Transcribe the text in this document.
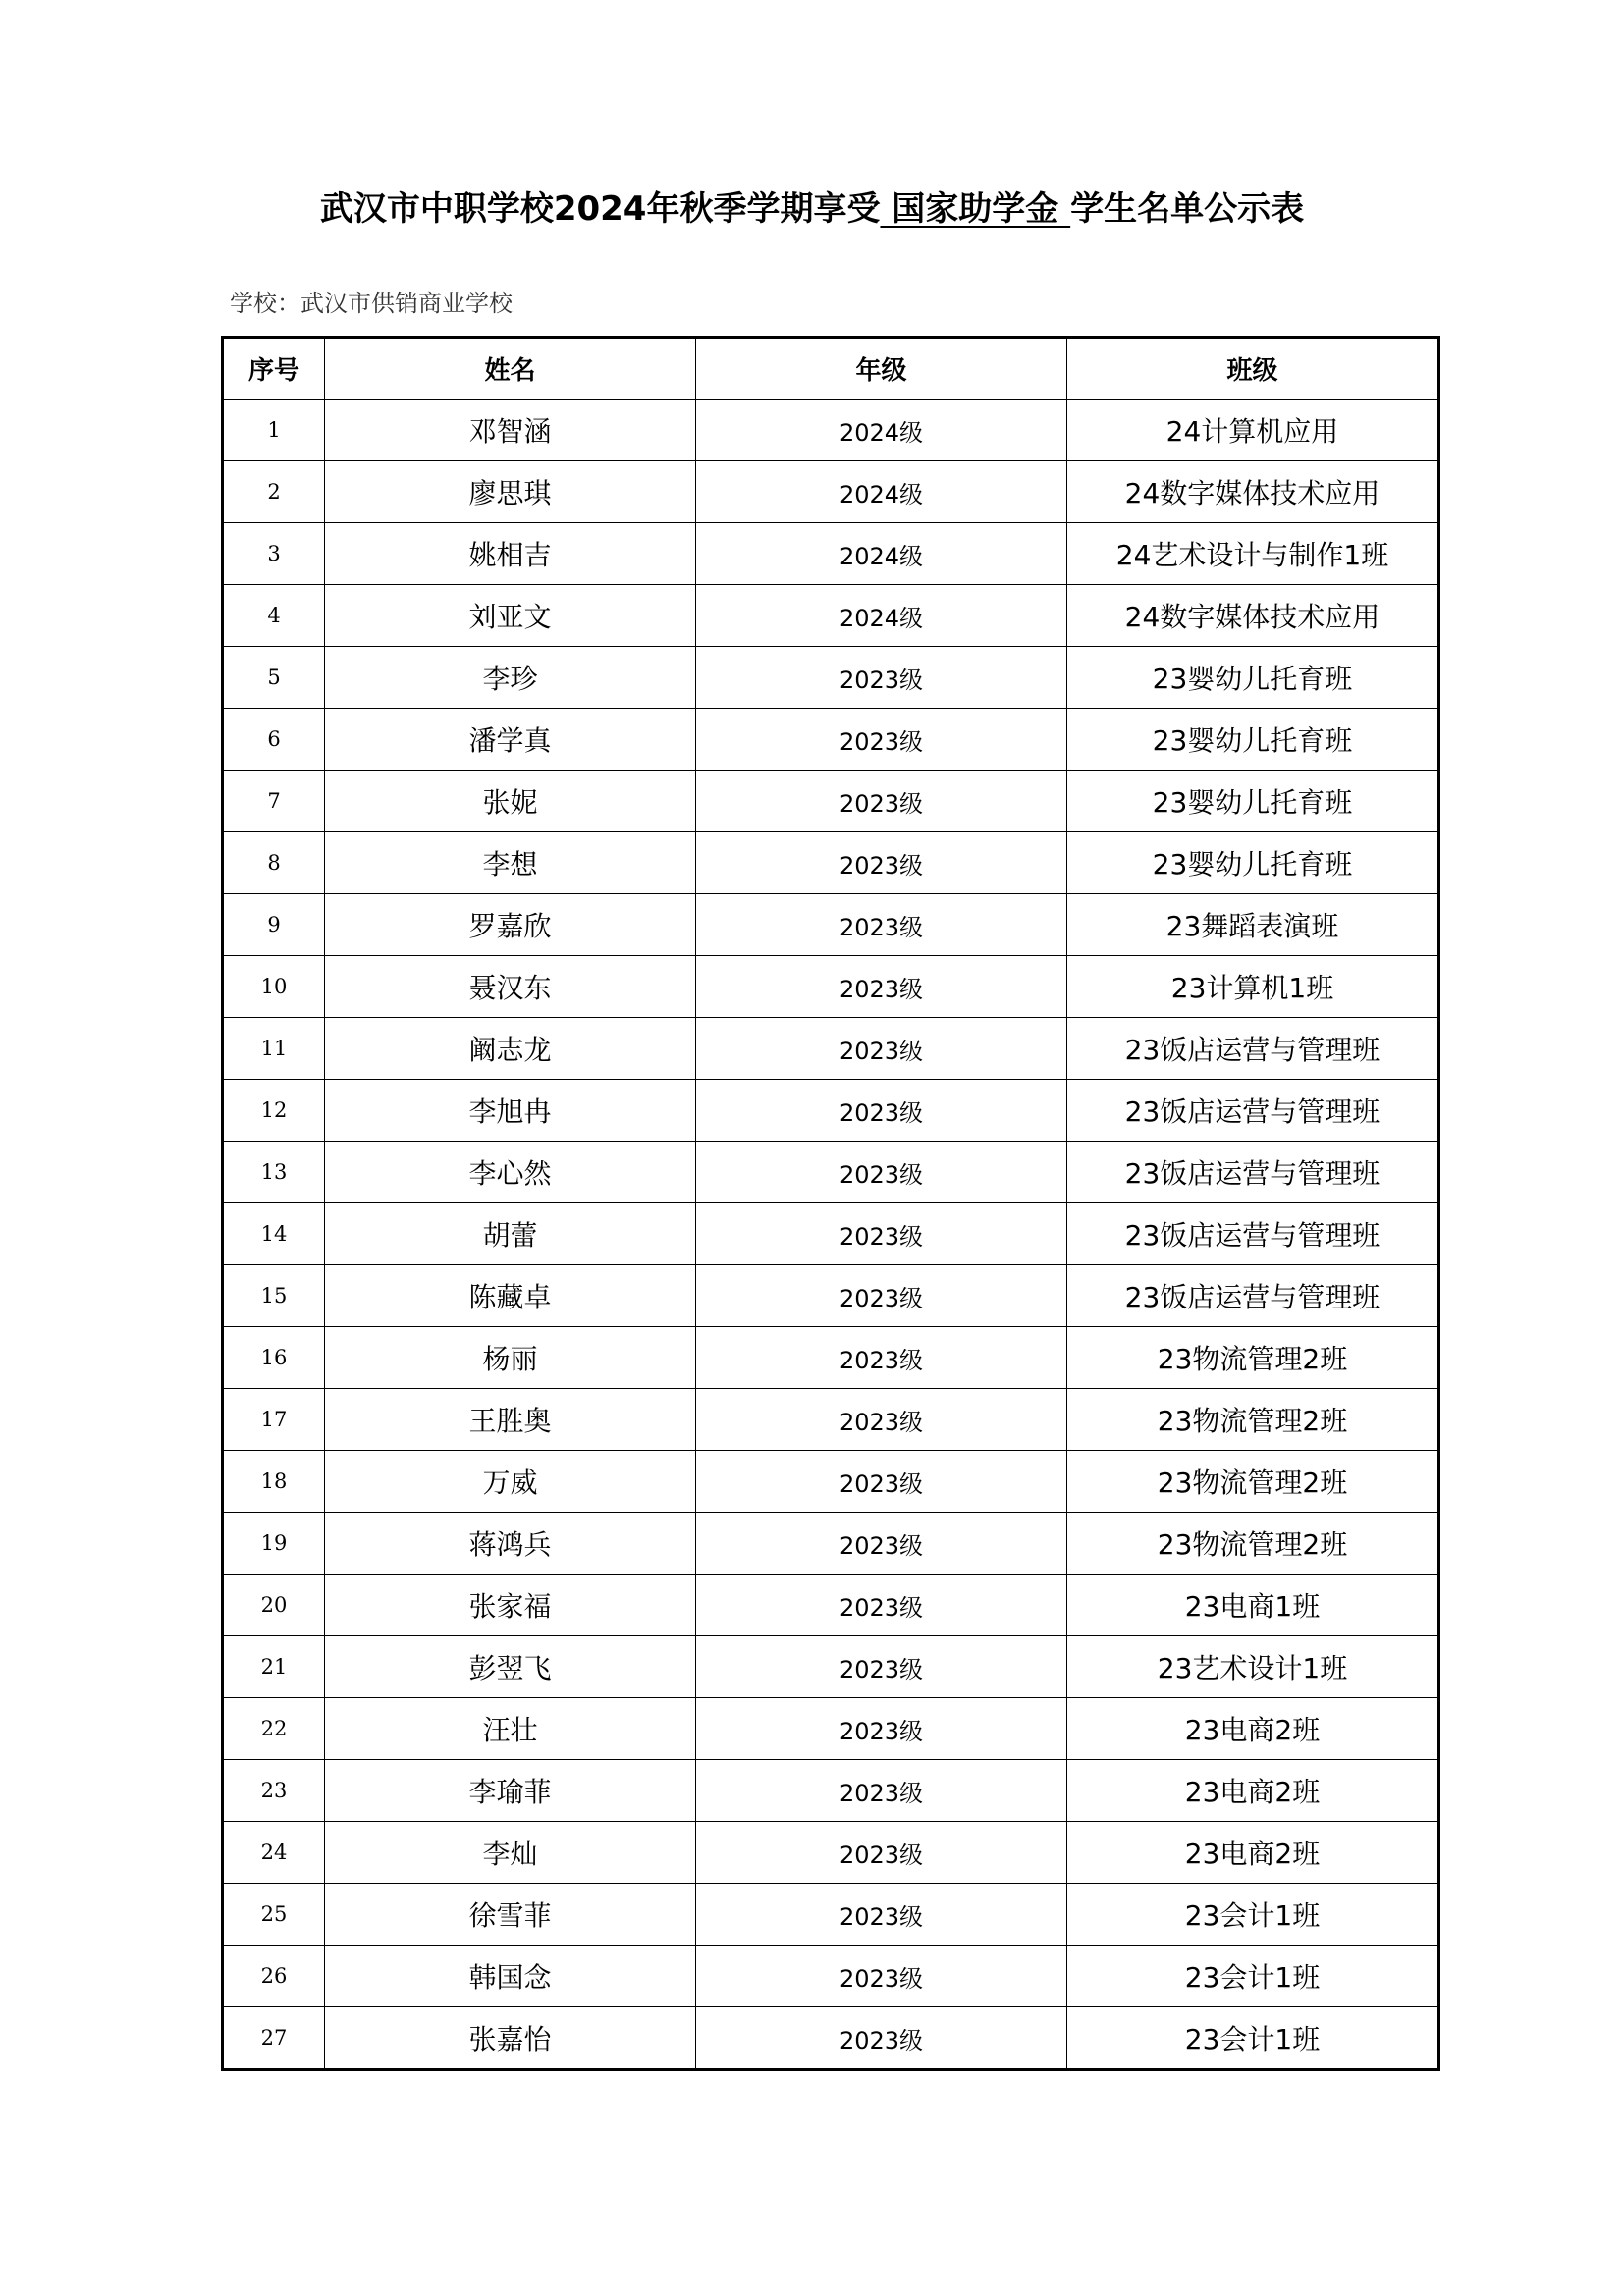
武汉市中职学校2024年秋季学期享受 国家助学金 学生名单公示表
学校：武汉市供销商业学校
序号	姓名	年级	班级
1	邓智涵	2024级	24计算机应用
2	廖思琪	2024级	24数字媒体技术应用
3	姚相吉	2024级	24艺术设计与制作1班
4	刘亚文	2024级	24数字媒体技术应用
5	李珍	2023级	23婴幼儿托育班
6	潘学真	2023级	23婴幼儿托育班
7	张妮	2023级	23婴幼儿托育班
8	李想	2023级	23婴幼儿托育班
9	罗嘉欣	2023级	23舞蹈表演班
10	聂汉东	2023级	23计算机1班
11	阚志龙	2023级	23饭店运营与管理班
12	李旭冉	2023级	23饭店运营与管理班
13	李心然	2023级	23饭店运营与管理班
14	胡蕾	2023级	23饭店运营与管理班
15	陈藏卓	2023级	23饭店运营与管理班
16	杨丽	2023级	23物流管理2班
17	王胜奥	2023级	23物流管理2班
18	万威	2023级	23物流管理2班
19	蒋鸿兵	2023级	23物流管理2班
20	张家福	2023级	23电商1班
21	彭翌飞	2023级	23艺术设计1班
22	汪壮	2023级	23电商2班
23	李瑜菲	2023级	23电商2班
24	李灿	2023级	23电商2班
25	徐雪菲	2023级	23会计1班
26	韩国念	2023级	23会计1班
27	张嘉怡	2023级	23会计1班
